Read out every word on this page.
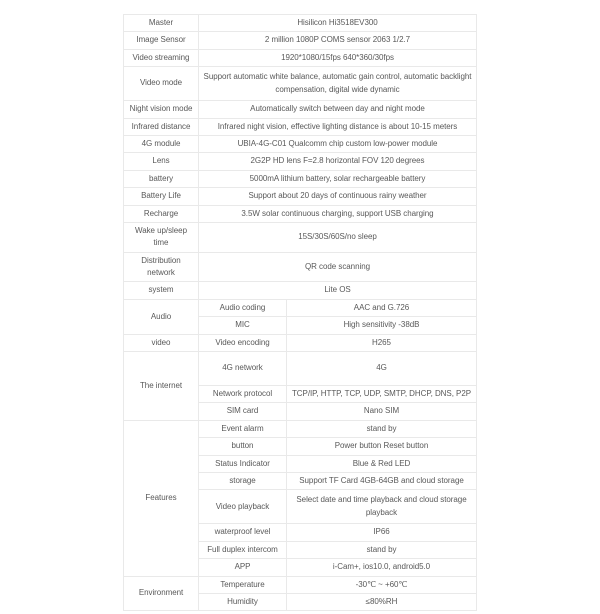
Master	Hisilicon Hi3518EV300	
Image Sensor	2 million 1080P COMS sensor 2063 1/2.7	
Video streaming	1920*1080/15fps 640*360/30fps	
Video mode	Support automatic white balance, automatic gain control, automatic backlight compensation, digital wide dynamic	
Night vision mode	Automatically switch between day and night mode	
Infrared distance	Infrared night vision, effective lighting distance is about 10-15 meters	
4G module	UBIA-4G-C01 Qualcomm chip custom low-power module	
Lens	2G2P HD lens F=2.8 horizontal FOV 120 degrees	
battery	5000mA lithium battery, solar rechargeable battery	
Battery Life	Support about 20 days of continuous rainy weather	
Recharge	3.5W solar continuous charging, support USB charging	
Wake up/sleep time	15S/30S/60S/no sleep	
Distribution network	QR code scanning	
system	Lite OS	
Audio	Audio coding	AAC and G.726
	MIC	High sensitivity -38dB
video	Video encoding	H265
The internet	4G network	4G
	Network protocol	TCP/IP, HTTP, TCP, UDP, SMTP, DHCP, DNS, P2P
	SIM card	Nano SIM
Features	Event alarm	stand by
	button	Power button Reset button
	Status Indicator	Blue & Red LED
	storage	Support TF Card 4GB-64GB and cloud storage
	Video playback	Select date and time playback and cloud storage playback
	waterproof level	IP66
	Full duplex intercom	stand by
	APP	i-Cam+, ios10.0, android5.0
Environment	Temperature	-30℃ ~ +60℃
	Humidity	≤80%RH
